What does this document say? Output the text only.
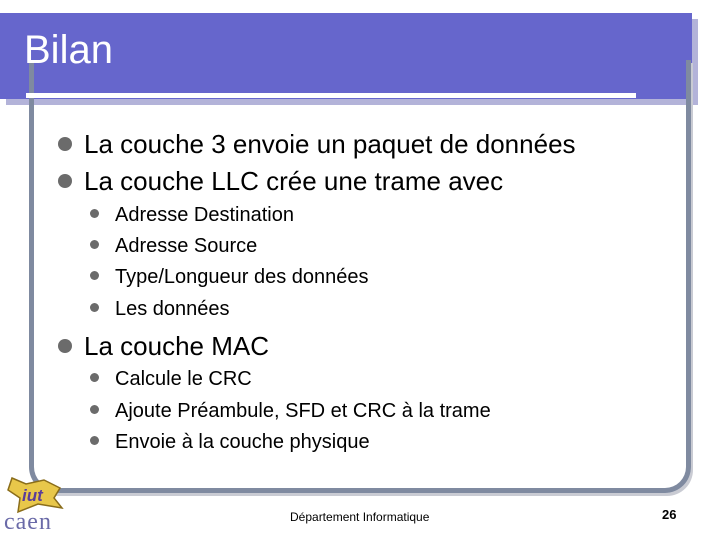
Bilan
La couche 3 envoie un paquet de données
La couche LLC crée une trame avec
Adresse Destination
Adresse Source
Type/Longueur des données
Les données
La couche MAC
Calcule le CRC
Ajoute Préambule, SFD et CRC à la trame
Envoie à la couche physique
iut
caen	Département Informatique	26
